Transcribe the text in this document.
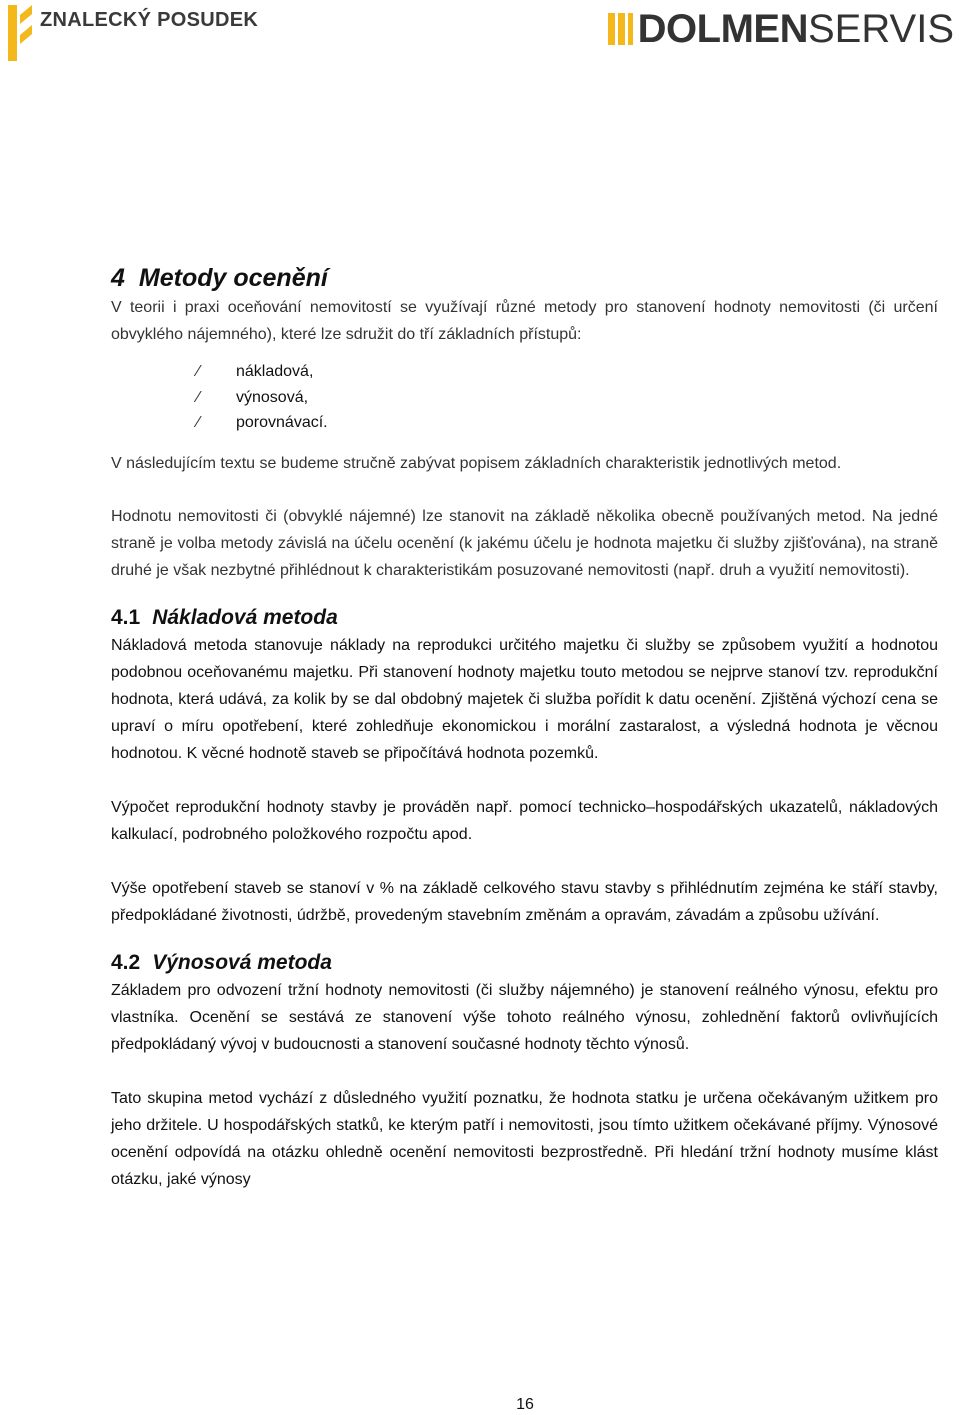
ZNALECKÝ POSUDEK	DOLMEN SERVIS
4 Metody ocenění

V teorii i praxi oceňování nemovitostí se využívají různé metody pro stanovení hodnoty nemovitosti (či určení obvyklého nájemného), které lze sdružit do tří základních přístupů:

∕ nákladová,
∕ výnosová,
∕ porovnávací.

V následujícím textu se budeme stručně zabývat popisem základních charakteristik jednotlivých metod.

Hodnotu nemovitosti či (obvyklé nájemné) lze stanovit na základě několika obecně používaných metod. Na jedné straně je volba metody závislá na účelu ocenění (k jakému účelu je hodnota majetku či služby zjišťována), na straně druhé je však nezbytné přihlédnout k charakteristikám posuzované nemovitosti (např. druh a využití nemovitosti).

4.1 Nákladová metoda

Nákladová metoda stanovuje náklady na reprodukci určitého majetku či služby se způsobem využití a hodnotou podobnou oceňovanému majetku. Při stanovení hodnoty majetku touto metodou se nejprve stanoví tzv. reprodukční hodnota, která udává, za kolik by se dal obdobný majetek či služba pořídit k datu ocenění. Zjištěná výchozí cena se upraví o míru opotřebení, které zohledňuje ekonomickou i morální zastaralost, a výsledná hodnota je věcnou hodnotou. K věcné hodnotě staveb se připočítává hodnota pozemků.

Výpočet reprodukční hodnoty stavby je prováděn např. pomocí technicko–hospodářských ukazatelů, nákladových kalkulací, podrobného položkového rozpočtu apod.

Výše opotřebení staveb se stanoví v % na základě celkového stavu stavby s přihlédnutím zejména ke stáří stavby, předpokládané životnosti, údržbě, provedeným stavebním změnám a opravám, závadám a způsobu užívání.

4.2 Výnosová metoda

Základem pro odvození tržní hodnoty nemovitosti (či služby nájemného) je stanovení reálného výnosu, efektu pro vlastníka. Ocenění se sestává ze stanovení výše tohoto reálného výnosu, zohlednění faktorů ovlivňujících předpokládaný vývoj v budoucnosti a stanovení současné hodnoty těchto výnosů.

Tato skupina metod vychází z důsledného využití poznatku, že hodnota statku je určena očekávaným užitkem pro jeho držitele. U hospodářských statků, ke kterým patří i nemovitosti, jsou tímto užitkem očekávané příjmy. Výnosové ocenění odpovídá na otázku ohledně ocenění nemovitosti bezprostředně. Při hledání tržní hodnoty musíme klást otázku, jaké výnosy

16
